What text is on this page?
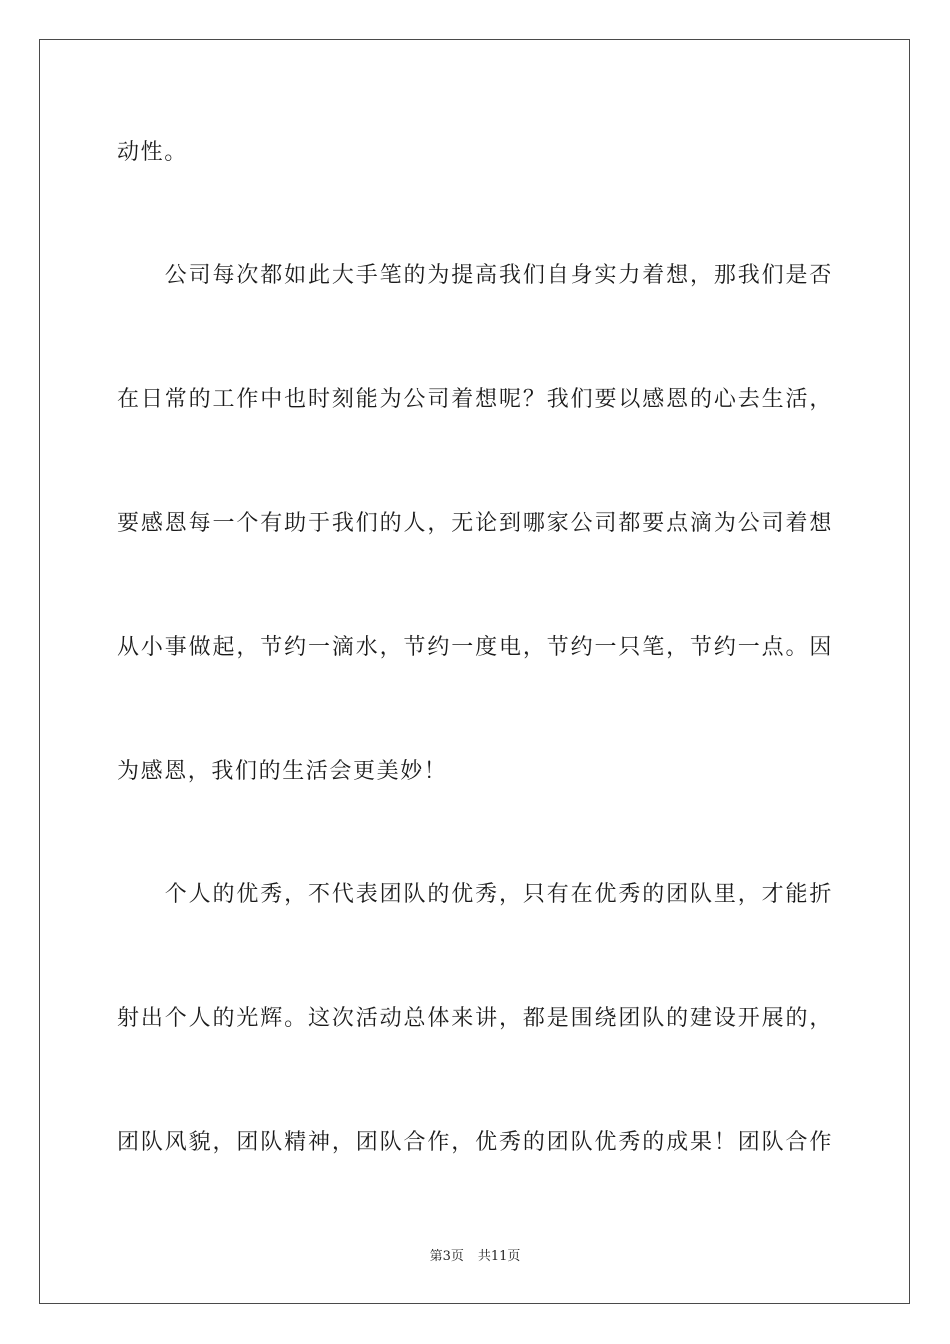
动性。
　　公司每次都如此大手笔的为提高我们自身实力着想，那我们是否
在日常的工作中也时刻能为公司着想呢？我们要以感恩的心去生活，
要感恩每一个有助于我们的人，无论到哪家公司都要点滴为公司着想
从小事做起，节约一滴水，节约一度电，节约一只笔，节约一点。因
为感恩，我们的生活会更美妙！
　　个人的优秀，不代表团队的优秀，只有在优秀的团队里，才能折
射出个人的光辉。这次活动总体来讲，都是围绕团队的建设开展的，
团队风貌，团队精神，团队合作，优秀的团队优秀的成果！团队合作
第3页 共11页
